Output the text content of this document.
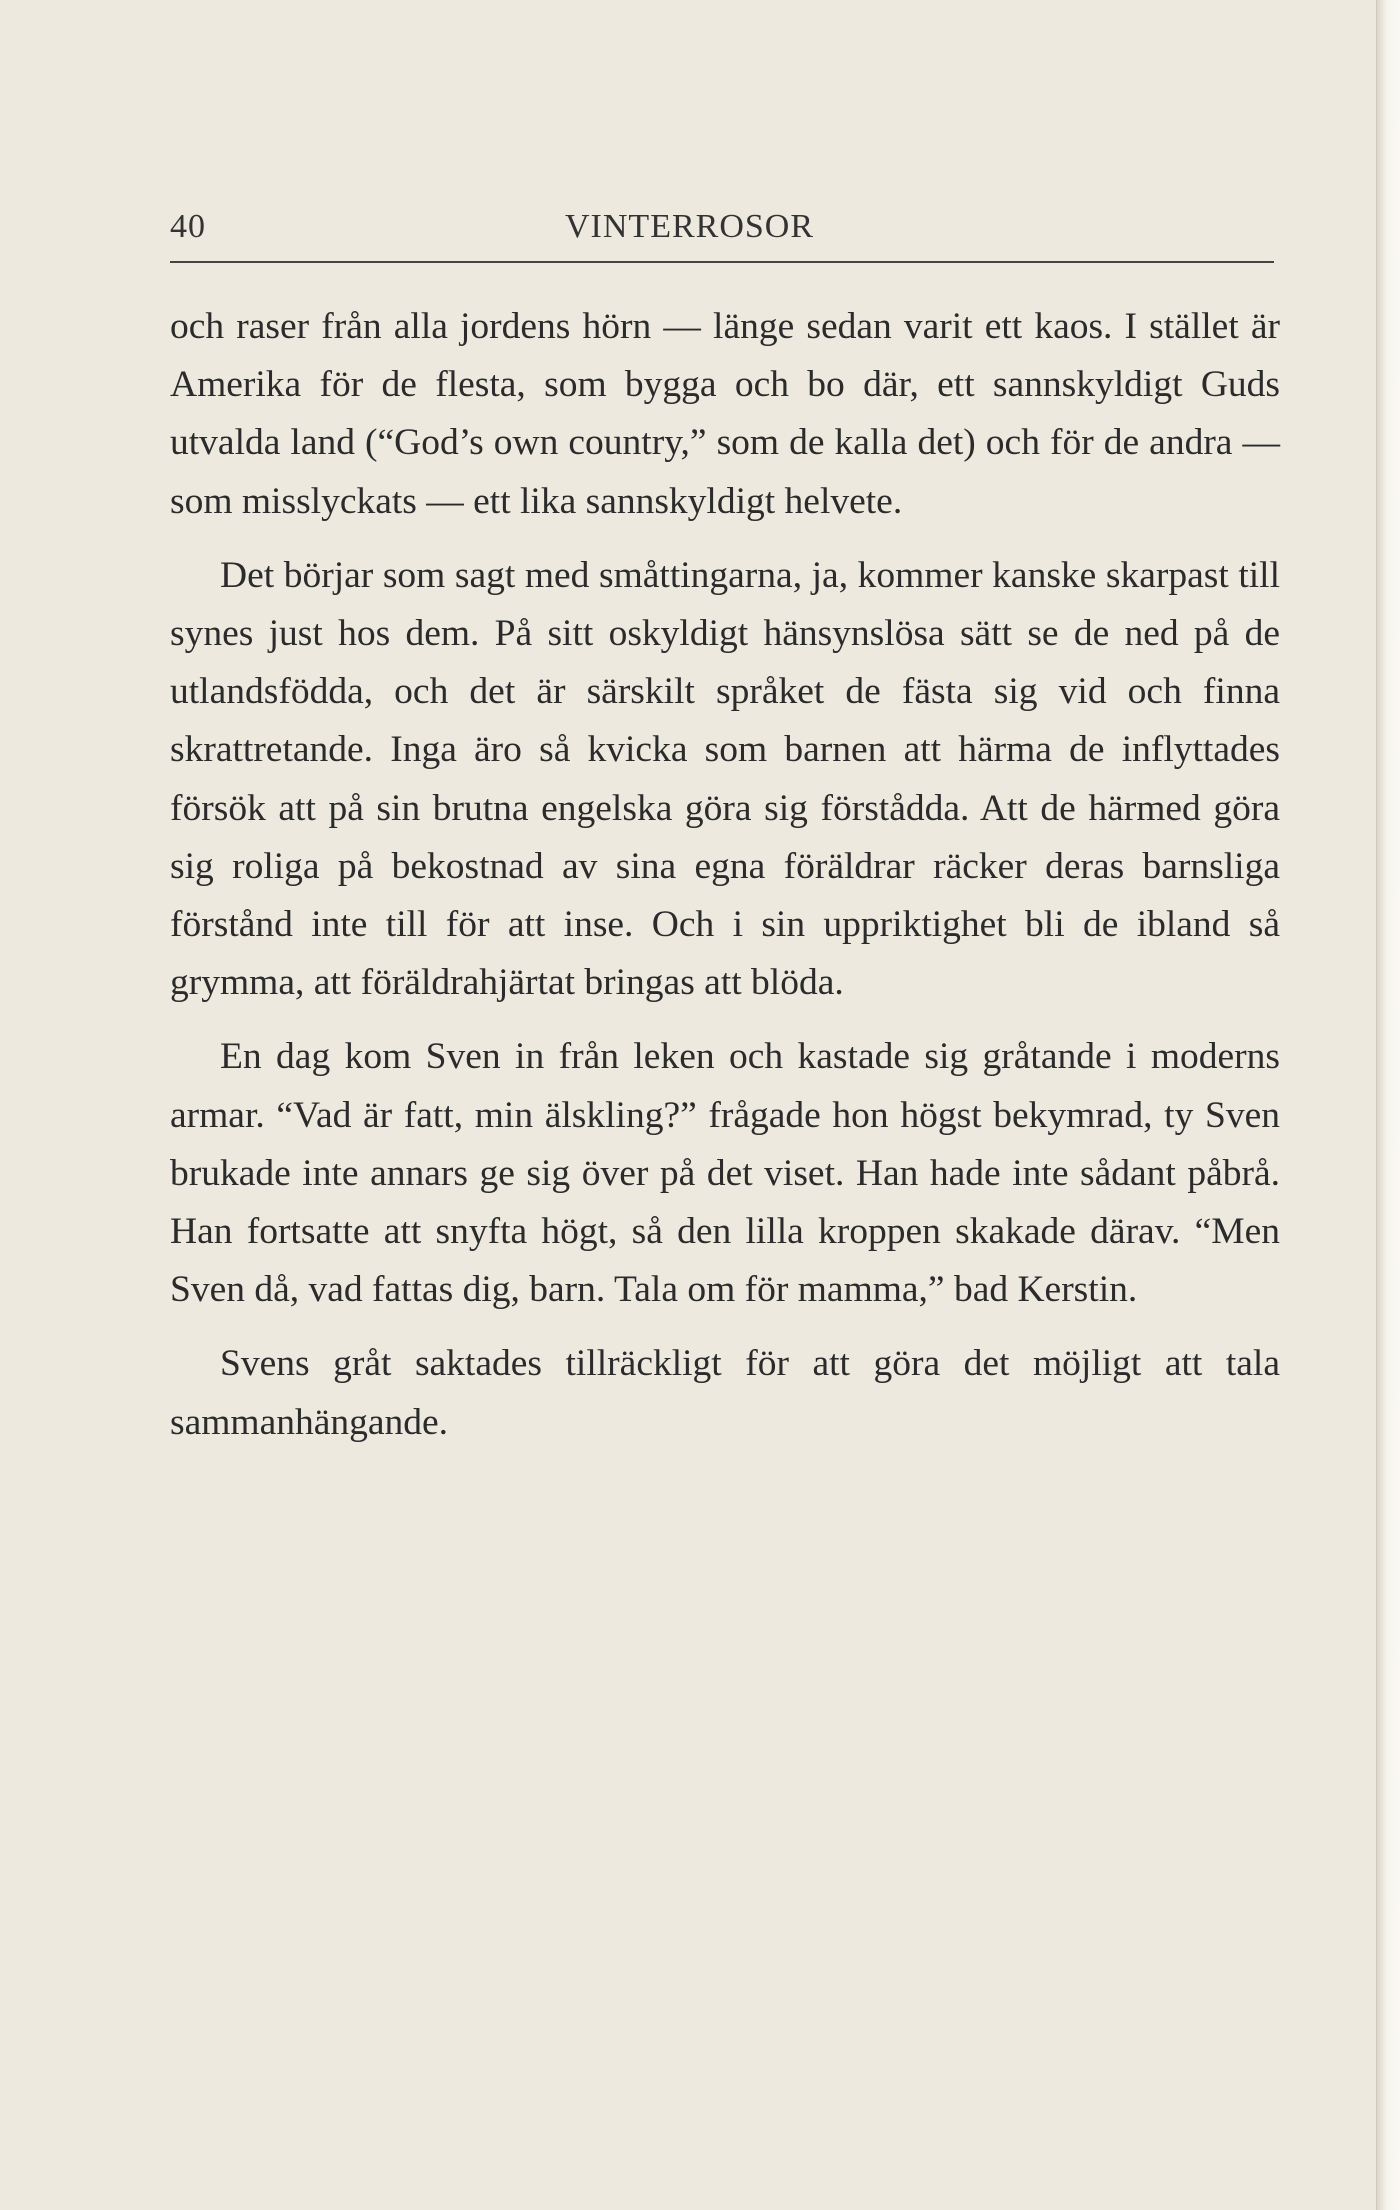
40	VINTERROSOR

och raser från alla jordens hörn — länge sedan varit ett kaos. I stället är Amerika för de flesta, som bygga och bo där, ett sannskyldigt Guds utvalda land (“God’s own country,” som de kalla det) och för de andra — som misslyckats — ett lika sannskyldigt helvete.

Det börjar som sagt med småttingarna, ja, kommer kanske skarpast till synes just hos dem. På sitt oskyldigt hänsynslösa sätt se de ned på de utlandsfödda, och det är särskilt språket de fästa sig vid och finna skrattretande. Inga äro så kvicka som barnen att härma de inflyttades försök att på sin brutna engelska göra sig förstådda. Att de härmed göra sig roliga på bekostnad av sina egna föräldrar räcker deras barnsliga förstånd inte till för att inse. Och i sin uppriktighet bli de ibland så grymma, att föräldrahjärtat bringas att blöda.

En dag kom Sven in från leken och kastade sig gråtande i moderns armar. “Vad är fatt, min älskling?” frågade hon högst bekymrad, ty Sven brukade inte annars ge sig över på det viset. Han hade inte sådant påbrå. Han fortsatte att snyfta högt, så den lilla kroppen skakade därav. “Men Sven då, vad fattas dig, barn. Tala om för mamma,” bad Kerstin.

Svens gråt saktades tillräckligt för att göra det möjligt att tala sammanhängande.
